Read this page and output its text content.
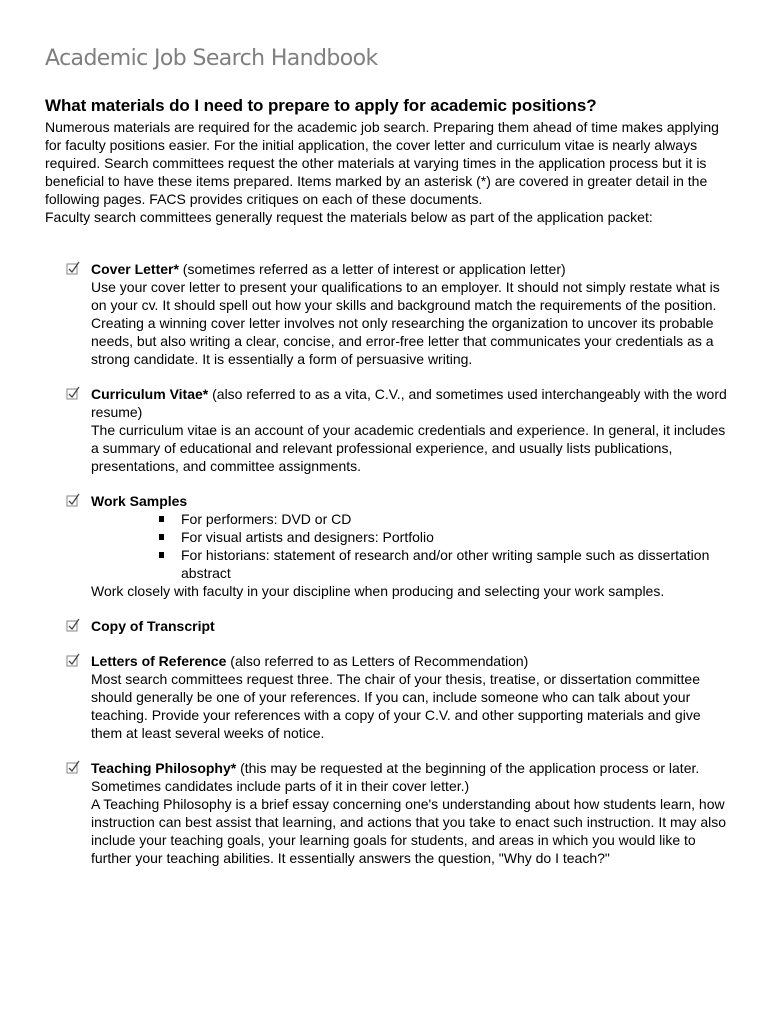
Academic Job Search Handbook
What materials do I need to prepare to apply for academic positions?

Numerous materials are required for the academic job search. Preparing them ahead of time makes applying for faculty positions easier. For the initial application, the cover letter and curriculum vitae is nearly always required. Search committees request the other materials at varying times in the application process but it is beneficial to have these items prepared. Items marked by an asterisk (*) are covered in greater detail in the following pages. FACS provides critiques on each of these documents.

Faculty search committees generally request the materials below as part of the application packet:

Cover Letter* (sometimes referred as a letter of interest or application letter)

Use your cover letter to present your qualifications to an employer. It should not simply restate what is on your cv. It should spell out how your skills and background match the requirements of the position. Creating a winning cover letter involves not only researching the organization to uncover its probable needs, but also writing a clear, concise, and error-free letter that communicates your credentials as a strong candidate. It is essentially a form of persuasive writing.

Curriculum Vitae* (also referred to as a vita, C.V., and sometimes used interchangeably with the word resume)

The curriculum vitae is an account of your academic credentials and experience. In general, it includes a summary of educational and relevant professional experience, and usually lists publications, presentations, and committee assignments.

Work Samples

For performers: DVD or CD
For visual artists and designers: Portfolio
For historians: statement of research and/or other writing sample such as dissertation abstract

Work closely with faculty in your discipline when producing and selecting your work samples.

Copy of Transcript

Letters of Reference (also referred to as Letters of Recommendation)

Most search committees request three. The chair of your thesis, treatise, or dissertation committee should generally be one of your references. If you can, include someone who can talk about your teaching. Provide your references with a copy of your C.V. and other supporting materials and give them at least several weeks of notice.

Teaching Philosophy* (this may be requested at the beginning of the application process or later. Sometimes candidates include parts of it in their cover letter.)

A Teaching Philosophy is a brief essay concerning one's understanding about how students learn, how instruction can best assist that learning, and actions that you take to enact such instruction. It may also include your teaching goals, your learning goals for students, and areas in which you would like to further your teaching abilities. It essentially answers the question, "Why do I teach?"
